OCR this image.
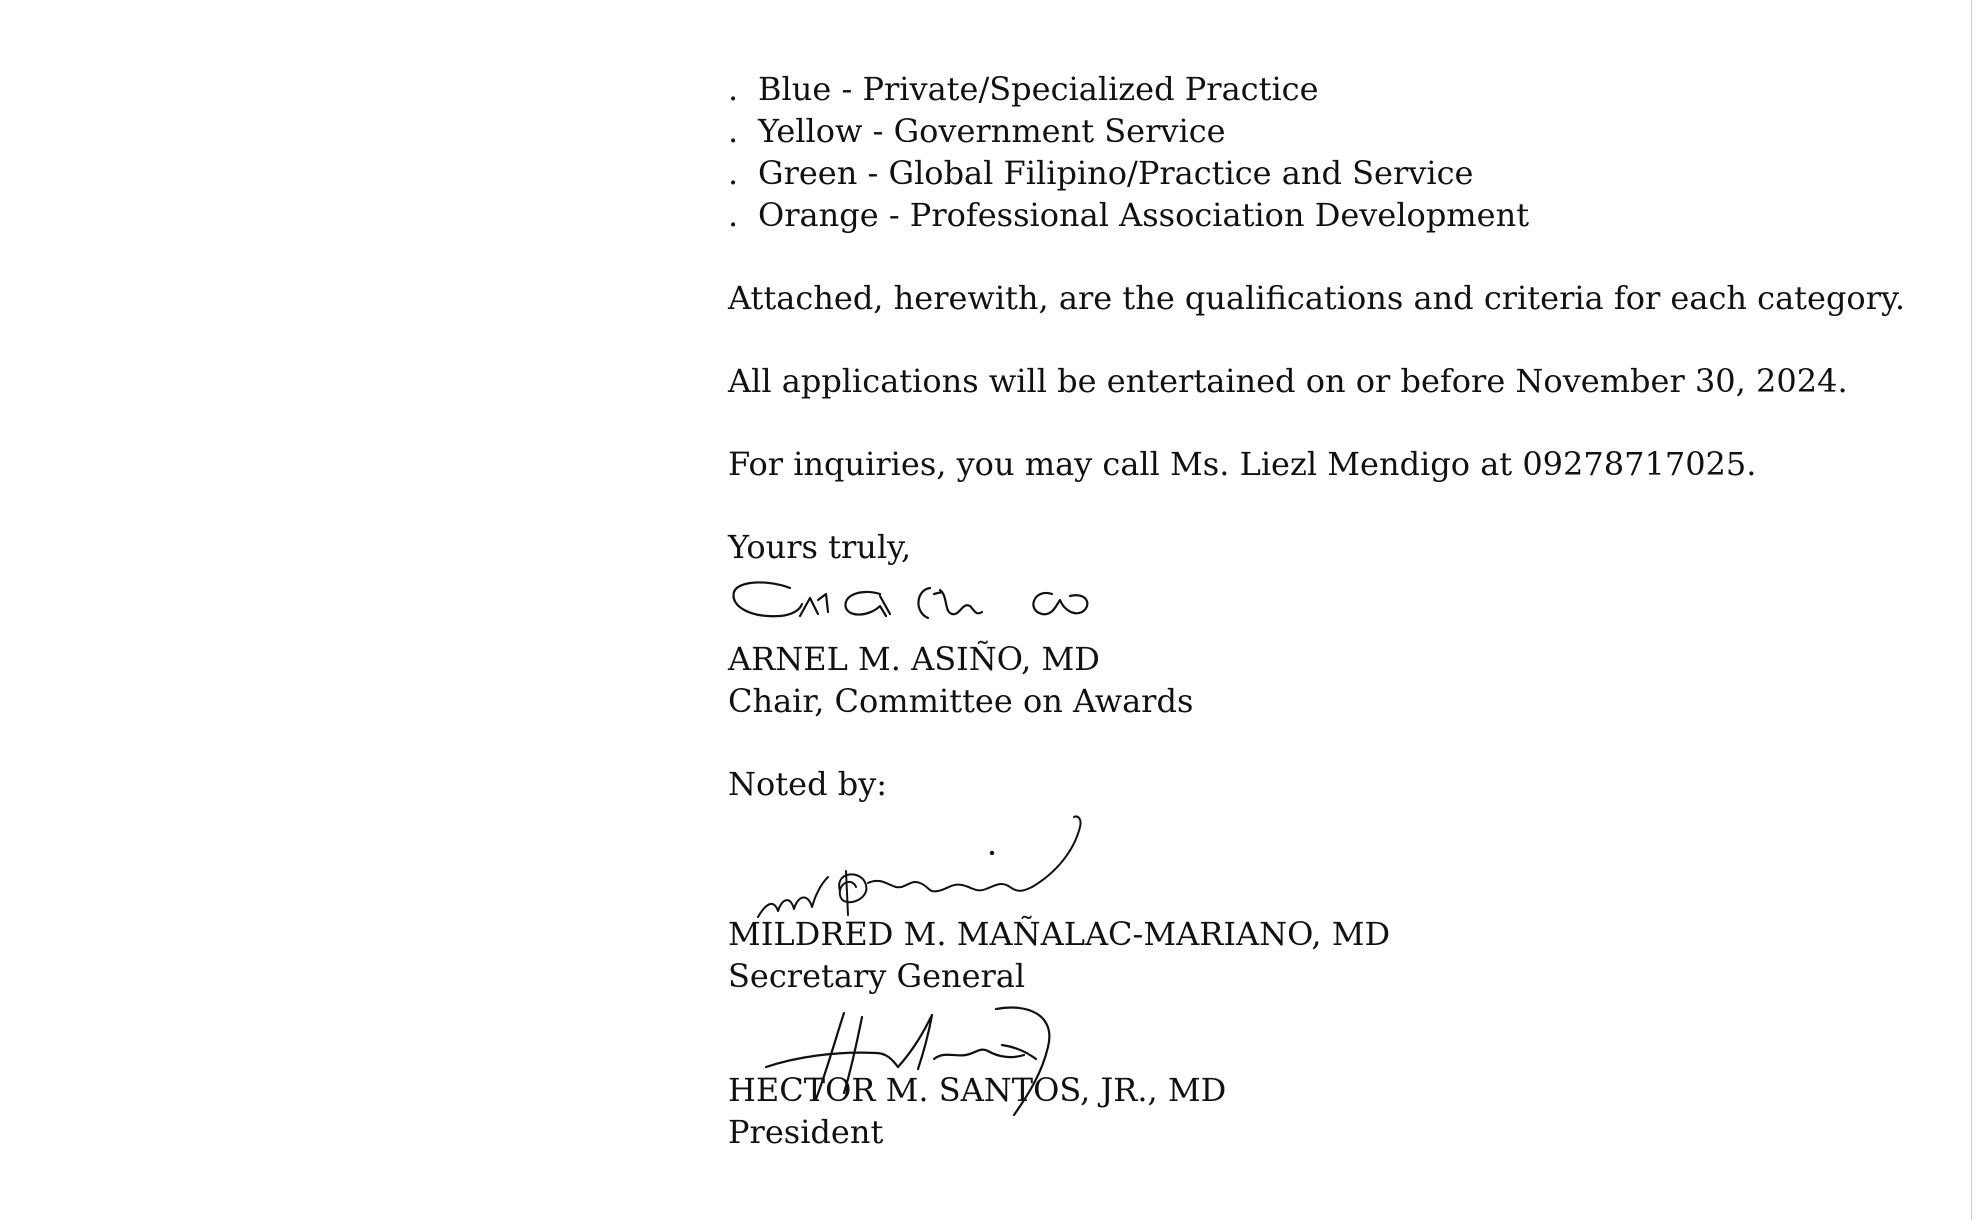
. Blue - Private/Specialized Practice
. Yellow - Government Service
. Green - Global Filipino/Practice and Service
. Orange - Professional Association Development

Attached, herewith, are the qualifications and criteria for each category.

All applications will be entertained on or before November 30, 2024.

For inquiries, you may call Ms. Liezl Mendigo at 09278717025.

Yours truly,

ARNEL M. ASIÑO, MD
Chair, Committee on Awards

Noted by:

MILDRED M. MAÑALAC-MARIANO, MD
Secretary General
HECTOR M. SANTOS, JR., MD
President
